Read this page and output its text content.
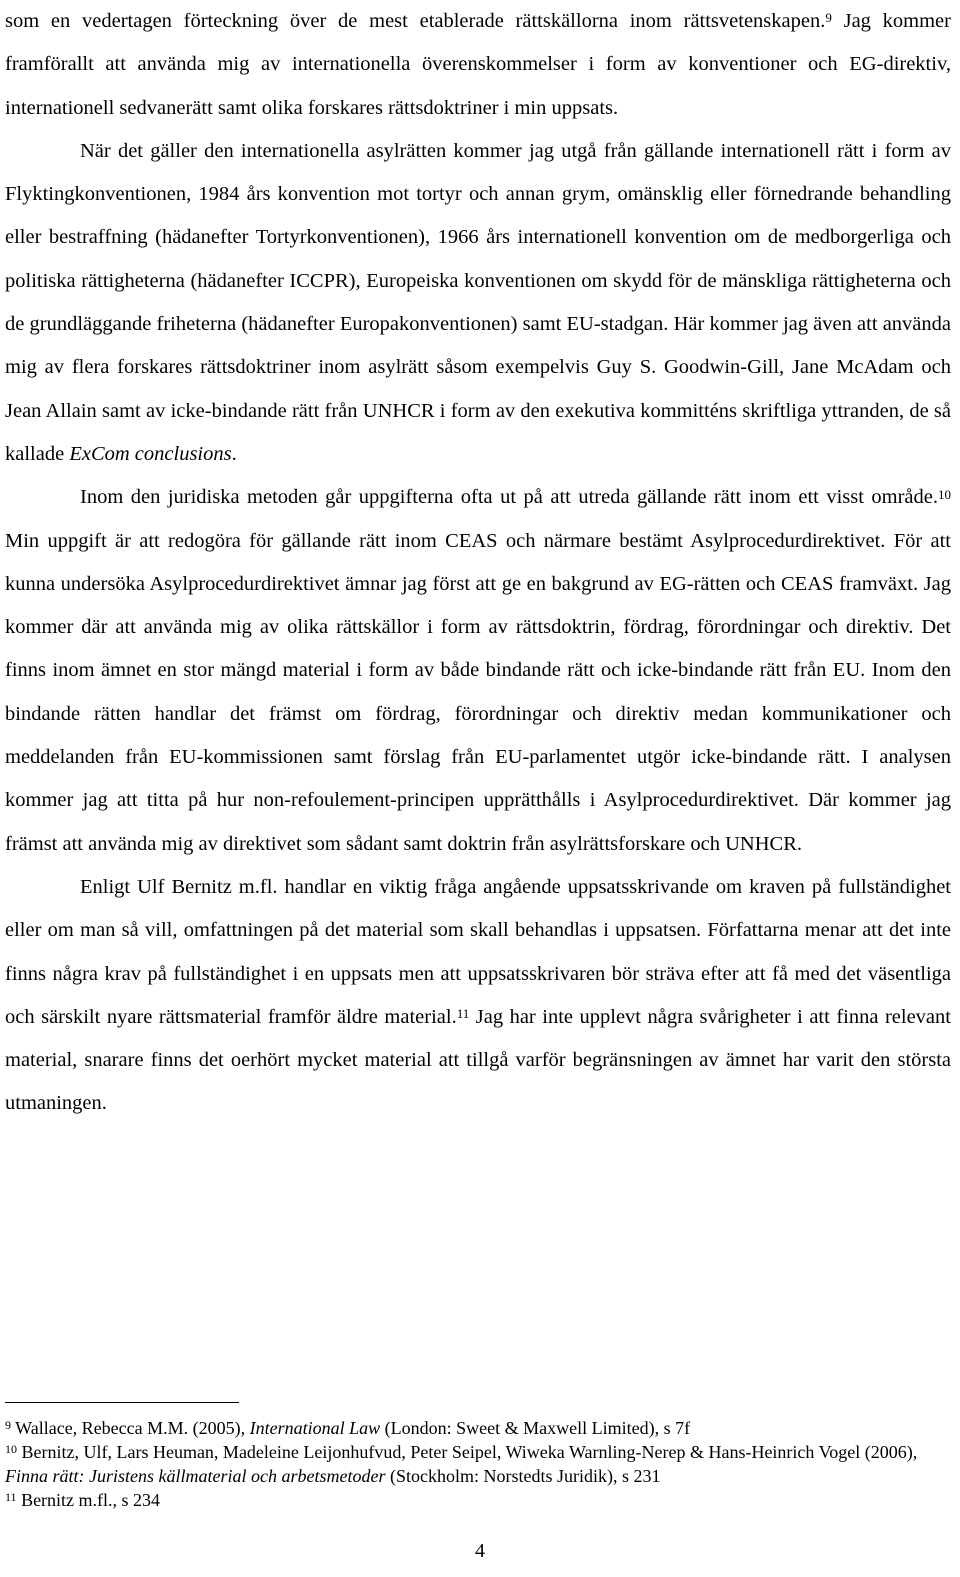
som en vedertagen förteckning över de mest etablerade rättskällorna inom rättsvetenskapen.$^9$ Jag kommer framförallt att använda mig av internationella överenskommelser i form av konventioner och EG-direktiv, internationell sedvanerätt samt olika forskares rättsdoktriner i min uppsats.

När det gäller den internationella asylrätten kommer jag utgå från gällande internationell rätt i form av Flyktingkonventionen, 1984 års konvention mot tortyr och annan grym, omänsklig eller förnedrande behandling eller bestraffning (hädanefter Tortyrkonventionen), 1966 års internationell konvention om de medborgerliga och politiska rättigheterna (hädanefter ICCPR), Europeiska konventionen om skydd för de mänskliga rättigheterna och de grundläggande friheterna (hädanefter Europakonventionen) samt EU-stadgan. Här kommer jag även att använda mig av flera forskares rättsdoktriner inom asylrätt såsom exempelvis Guy S. Goodwin-Gill, Jane McAdam och Jean Allain samt av icke-bindande rätt från UNHCR i form av den exekutiva kommitténs skriftliga yttranden, de så kallade ExCom conclusions.

Inom den juridiska metoden går uppgifterna ofta ut på att utreda gällande rätt inom ett visst område.$^{10}$ Min uppgift är att redogöra för gällande rätt inom CEAS och närmare bestämt Asylprocedurdirektivet. För att kunna undersöka Asylprocedurdirektivet ämnar jag först att ge en bakgrund av EG-rätten och CEAS framväxt. Jag kommer där att använda mig av olika rättskällor i form av rättsdoktrin, fördrag, förordningar och direktiv. Det finns inom ämnet en stor mängd material i form av både bindande rätt och icke-bindande rätt från EU. Inom den bindande rätten handlar det främst om fördrag, förordningar och direktiv medan kommunikationer och meddelanden från EU-kommissionen samt förslag från EU-parlamentet utgör icke-bindande rätt. I analysen kommer jag att titta på hur non-refoulement-principen upprätthålls i Asylprocedurdirektivet. Där kommer jag främst att använda mig av direktivet som sådant samt doktrin från asylrättsforskare och UNHCR.

Enligt Ulf Bernitz m.fl. handlar en viktig fråga angående uppsatsskrivande om kraven på fullständighet eller om man så vill, omfattningen på det material som skall behandlas i uppsatsen. Författarna menar att det inte finns några krav på fullständighet i en uppsats men att uppsatsskrivaren bör sträva efter att få med det väsentliga och särskilt nyare rättsmaterial framför äldre material.$^{11}$ Jag har inte upplevt några svårigheter i att finna relevant material, snarare finns det oerhört mycket material att tillgå varför begränsningen av ämnet har varit den största utmaningen.

$^9$ Wallace, Rebecca M.M. (2005), International Law (London: Sweet & Maxwell Limited), s 7f

$^{10}$ Bernitz, Ulf, Lars Heuman, Madeleine Leijonhufvud, Peter Seipel, Wiweka Warnling-Nerep & Hans-Heinrich Vogel (2006), Finna rätt: Juristens källmaterial och arbetsmetoder (Stockholm: Norstedts Juridik), s 231

$^{11}$ Bernitz m.fl., s 234

4
